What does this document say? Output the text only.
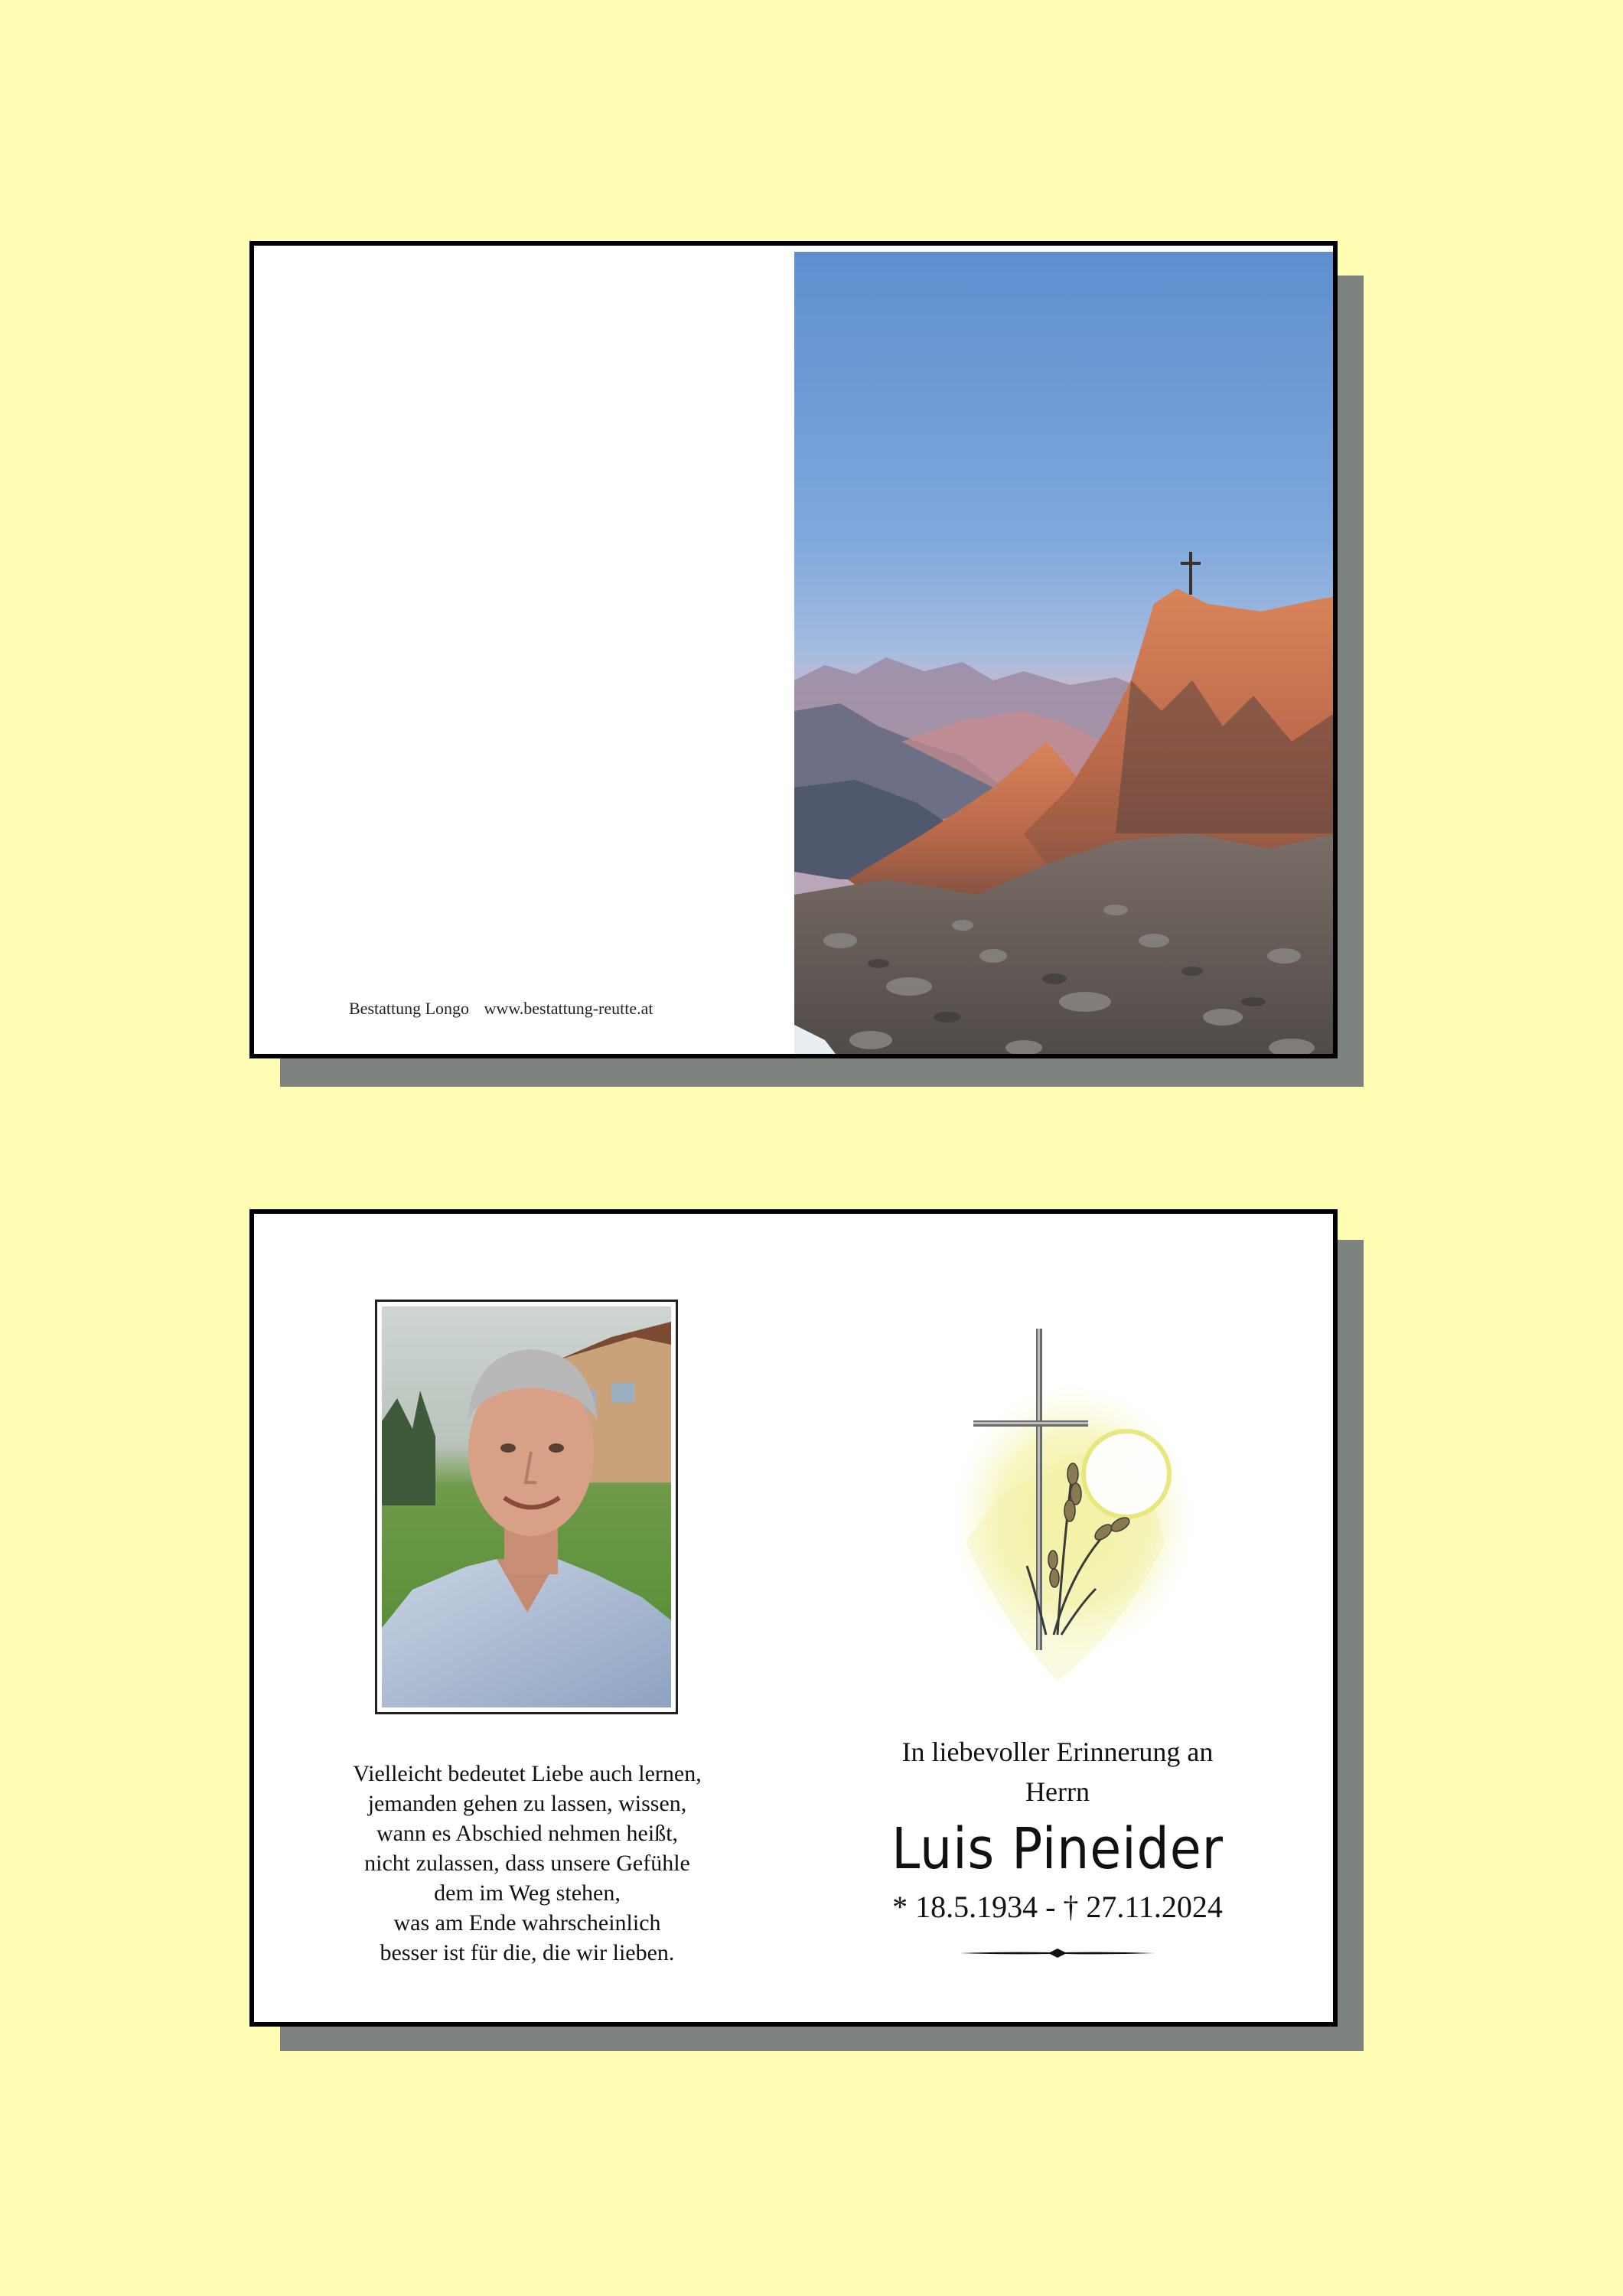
Bestattung Longo www.bestattung-reutte.at
Vielleicht bedeutet Liebe auch lernen,
jemanden gehen zu lassen, wissen,
wann es Abschied nehmen heißt,
nicht zulassen, dass unsere Gefühle
dem im Weg stehen,
was am Ende wahrscheinlich
besser ist für die, die wir lieben.
In liebevoller Erinnerung an
Herrn
Luis Pineider
* 18.5.1934 - † 27.11.2024
